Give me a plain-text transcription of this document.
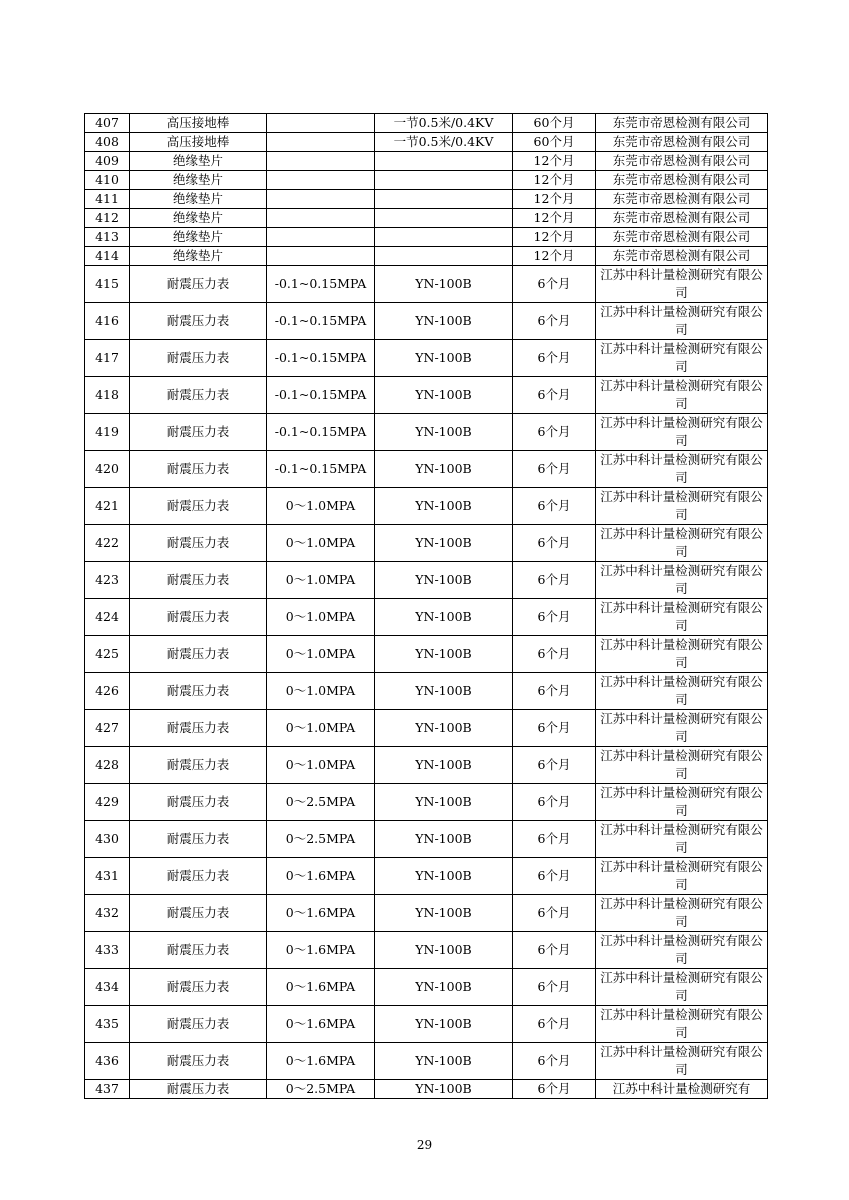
407	高压接地棒		一节0.5米/0.4KV	60个月	东莞市帝恩检测有限公司
408	高压接地棒		一节0.5米/0.4KV	60个月	东莞市帝恩检测有限公司
409	绝缘垫片			12个月	东莞市帝恩检测有限公司
410	绝缘垫片			12个月	东莞市帝恩检测有限公司
411	绝缘垫片			12个月	东莞市帝恩检测有限公司
412	绝缘垫片			12个月	东莞市帝恩检测有限公司
413	绝缘垫片			12个月	东莞市帝恩检测有限公司
414	绝缘垫片			12个月	东莞市帝恩检测有限公司
415	耐震压力表	-0.1~0.15MPA	YN-100B	6个月	江苏中科计量检测研究有限公司
416	耐震压力表	-0.1~0.15MPA	YN-100B	6个月	江苏中科计量检测研究有限公司
417	耐震压力表	-0.1~0.15MPA	YN-100B	6个月	江苏中科计量检测研究有限公司
418	耐震压力表	-0.1~0.15MPA	YN-100B	6个月	江苏中科计量检测研究有限公司
419	耐震压力表	-0.1~0.15MPA	YN-100B	6个月	江苏中科计量检测研究有限公司
420	耐震压力表	-0.1~0.15MPA	YN-100B	6个月	江苏中科计量检测研究有限公司
421	耐震压力表	0～1.0MPA	YN-100B	6个月	江苏中科计量检测研究有限公司
422	耐震压力表	0～1.0MPA	YN-100B	6个月	江苏中科计量检测研究有限公司
423	耐震压力表	0～1.0MPA	YN-100B	6个月	江苏中科计量检测研究有限公司
424	耐震压力表	0～1.0MPA	YN-100B	6个月	江苏中科计量检测研究有限公司
425	耐震压力表	0～1.0MPA	YN-100B	6个月	江苏中科计量检测研究有限公司
426	耐震压力表	0～1.0MPA	YN-100B	6个月	江苏中科计量检测研究有限公司
427	耐震压力表	0～1.0MPA	YN-100B	6个月	江苏中科计量检测研究有限公司
428	耐震压力表	0～1.0MPA	YN-100B	6个月	江苏中科计量检测研究有限公司
429	耐震压力表	0～2.5MPA	YN-100B	6个月	江苏中科计量检测研究有限公司
430	耐震压力表	0～2.5MPA	YN-100B	6个月	江苏中科计量检测研究有限公司
431	耐震压力表	0～1.6MPA	YN-100B	6个月	江苏中科计量检测研究有限公司
432	耐震压力表	0～1.6MPA	YN-100B	6个月	江苏中科计量检测研究有限公司
433	耐震压力表	0～1.6MPA	YN-100B	6个月	江苏中科计量检测研究有限公司
434	耐震压力表	0～1.6MPA	YN-100B	6个月	江苏中科计量检测研究有限公司
435	耐震压力表	0～1.6MPA	YN-100B	6个月	江苏中科计量检测研究有限公司
436	耐震压力表	0～1.6MPA	YN-100B	6个月	江苏中科计量检测研究有限公司
437	耐震压力表	0～2.5MPA	YN-100B	6个月	江苏中科计量检测研究有
29
